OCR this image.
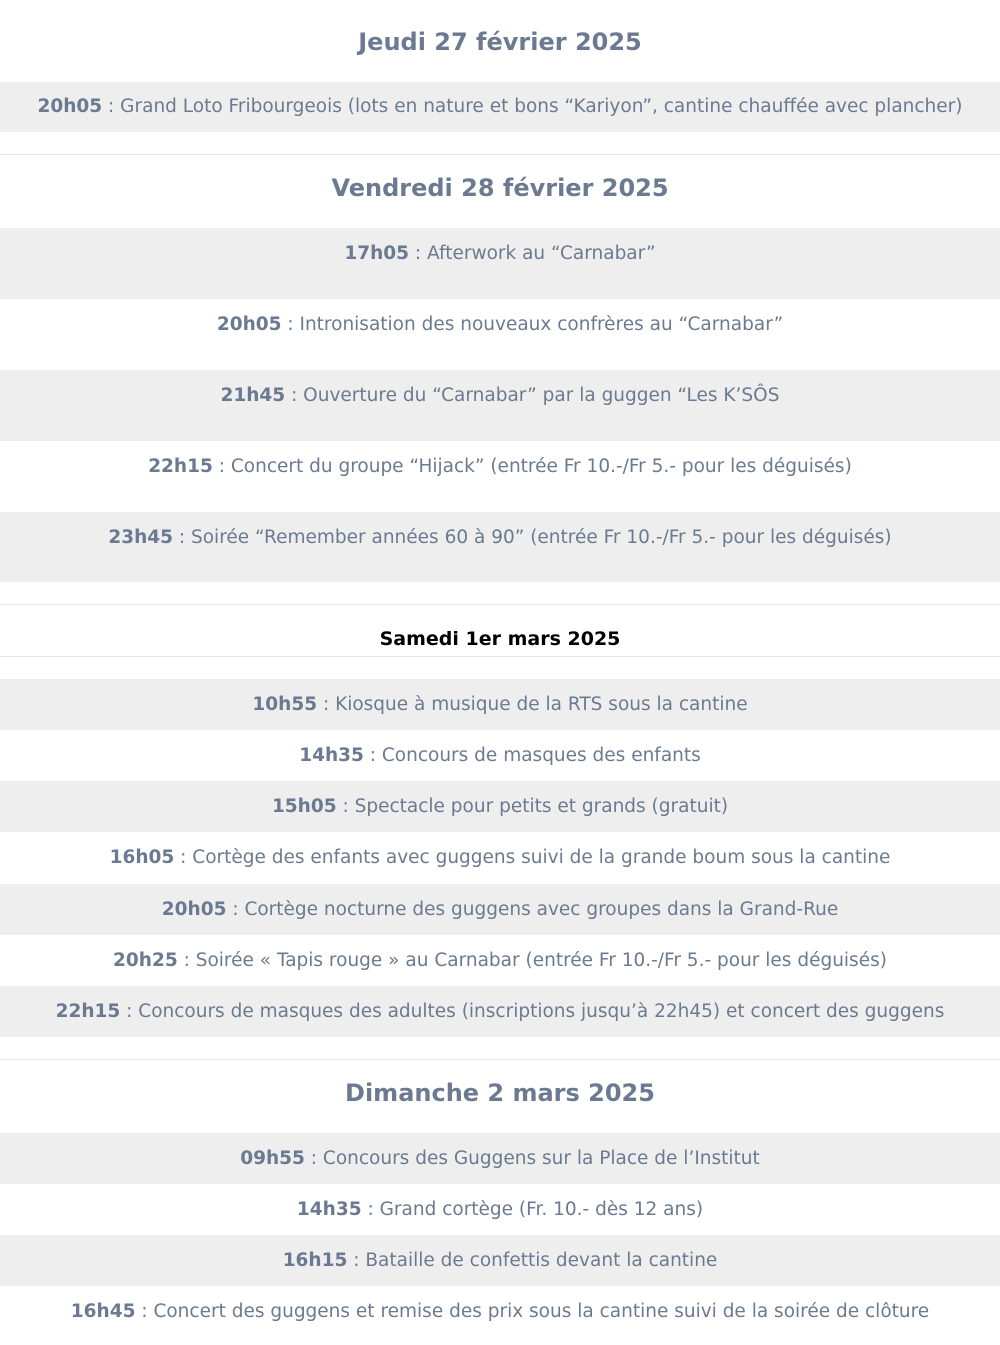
Jeudi 27 février 2025
20h05 : Grand Loto Fribourgeois (lots en nature et bons “Kariyon”, cantine chauffée avec plancher)
Vendredi 28 février 2025
17h05 : Afterwork au “Carnabar”
20h05 : Intronisation des nouveaux confrères au “Carnabar”
21h45 : Ouverture du “Carnabar” par la guggen “Les K’SÔS
22h15 : Concert du groupe “Hijack” (entrée Fr 10.-/Fr 5.- pour les déguisés)
23h45 : Soirée “Remember années 60 à 90” (entrée Fr 10.-/Fr 5.- pour les déguisés)
Samedi 1er mars 2025
10h55 : Kiosque à musique de la RTS sous la cantine
14h35 : Concours de masques des enfants
15h05 : Spectacle pour petits et grands (gratuit)
16h05 : Cortège des enfants avec guggens suivi de la grande boum sous la cantine
20h05 : Cortège nocturne des guggens avec groupes dans la Grand-Rue
20h25 : Soirée « Tapis rouge » au Carnabar (entrée Fr 10.-/Fr 5.- pour les déguisés)
22h15 : Concours de masques des adultes (inscriptions jusqu’à 22h45) et concert des guggens
Dimanche 2 mars 2025
09h55 : Concours des Guggens sur la Place de l’Institut
14h35 : Grand cortège (Fr. 10.- dès 12 ans)
16h15 : Bataille de confettis devant la cantine
16h45 : Concert des guggens et remise des prix sous la cantine suivi de la soirée de clôture
